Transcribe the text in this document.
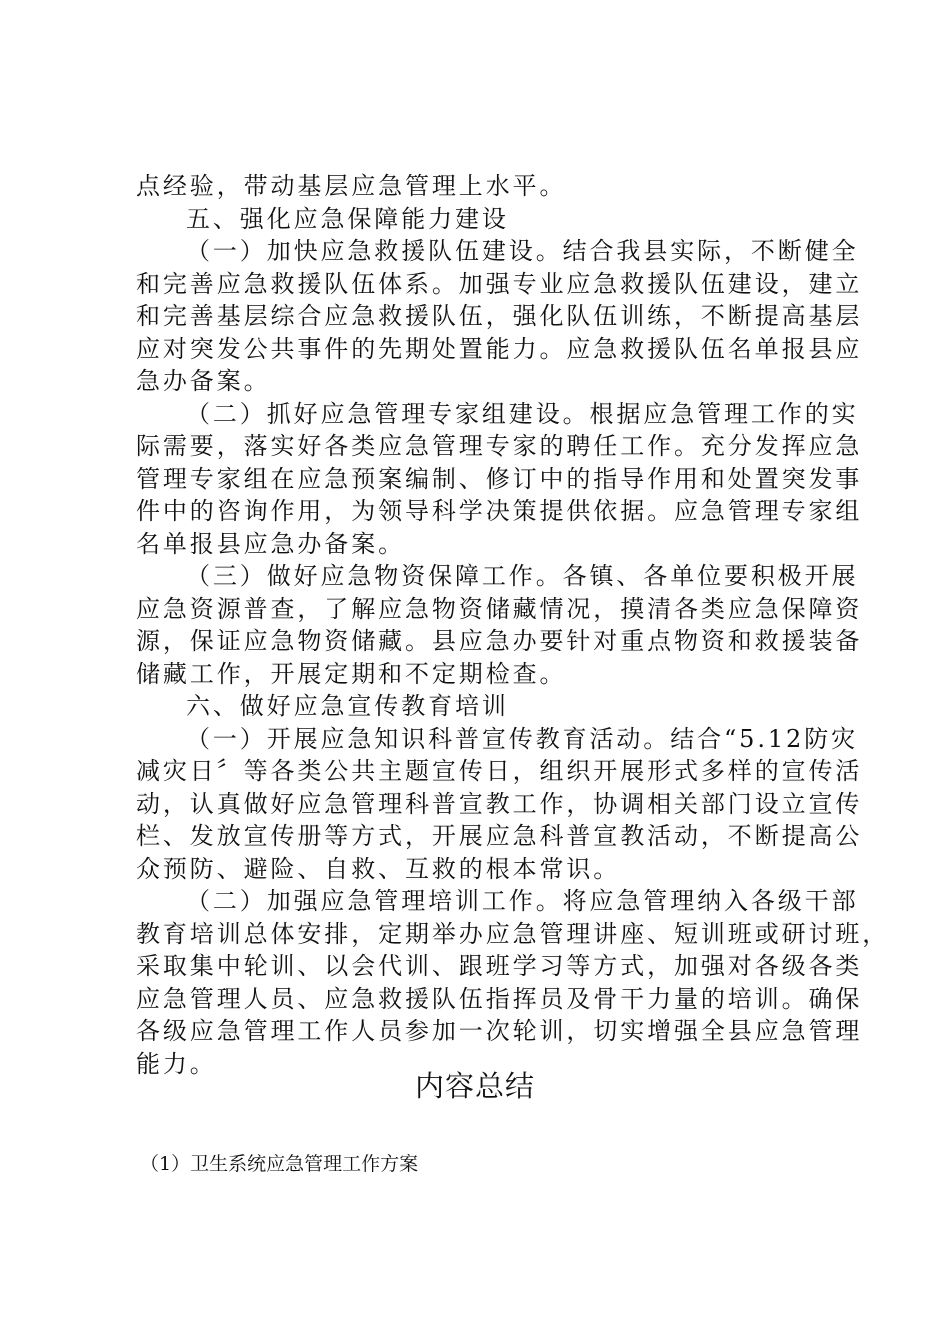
点经验，带动基层应急管理上水平。
五、强化应急保障能力建设
（一）加快应急救援队伍建设。结合我县实际，不断健全
和完善应急救援队伍体系。加强专业应急救援队伍建设，建立
和完善基层综合应急救援队伍，强化队伍训练，不断提高基层
应对突发公共事件的先期处置能力。应急救援队伍名单报县应
急办备案。
（二）抓好应急管理专家组建设。根据应急管理工作的实
际需要，落实好各类应急管理专家的聘任工作。充分发挥应急
管理专家组在应急预案编制、修订中的指导作用和处置突发事
件中的咨询作用，为领导科学决策提供依据。应急管理专家组
名单报县应急办备案。
（三）做好应急物资保障工作。各镇、各单位要积极开展
应急资源普查，了解应急物资储藏情况，摸清各类应急保障资
源，保证应急物资储藏。县应急办要针对重点物资和救援装备
储藏工作，开展定期和不定期检查。
六、做好应急宣传教育培训
（一）开展应急知识科普宣传教育活动。结合“5.12防灾
减灾日〞等各类公共主题宣传日，组织开展形式多样的宣传活
动，认真做好应急管理科普宣教工作，协调相关部门设立宣传
栏、发放宣传册等方式，开展应急科普宣教活动，不断提高公
众预防、避险、自救、互救的根本常识。
（二）加强应急管理培训工作。将应急管理纳入各级干部
教育培训总体安排，定期举办应急管理讲座、短训班或研讨班，
采取集中轮训、以会代训、跟班学习等方式，加强对各级各类
应急管理人员、应急救援队伍指挥员及骨干力量的培训。确保
各级应急管理工作人员参加一次轮训，切实增强全县应急管理
能力。
内容总结
（1）卫生系统应急管理工作方案
